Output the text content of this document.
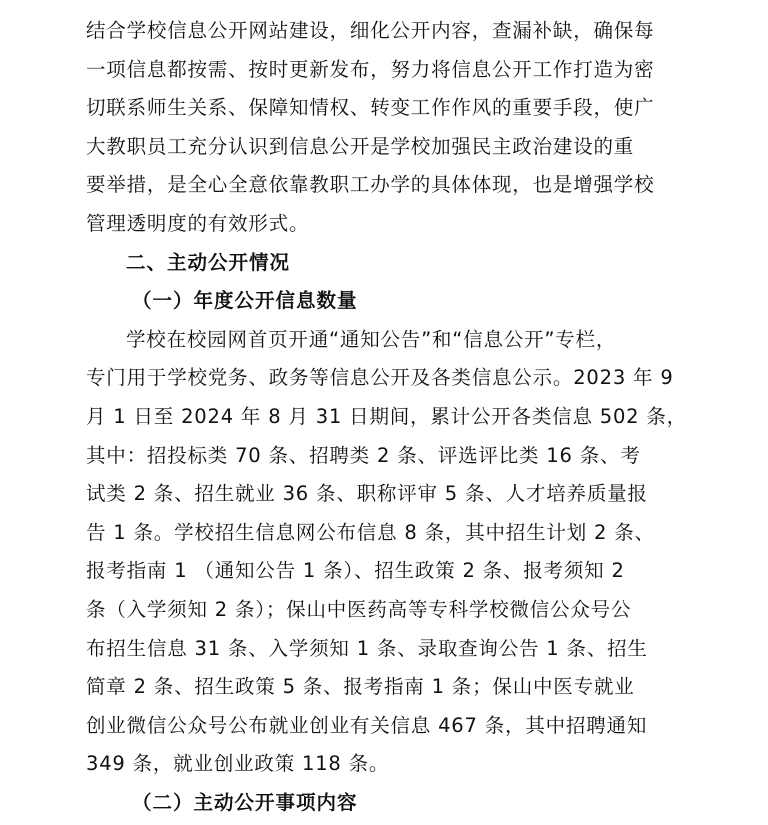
结合学校信息公开网站建设，细化公开内容，查漏补缺，确保每
一项信息都按需、按时更新发布，努力将信息公开工作打造为密
切联系师生关系、保障知情权、转变工作作风的重要手段，使广
大教职员工充分认识到信息公开是学校加强民主政治建设的重
要举措，是全心全意依靠教职工办学的具体体现，也是增强学校
管理透明度的有效形式。
二、主动公开情况
（一）年度公开信息数量
学校在校园网首页开通“通知公告”和“信息公开”专栏，
专门用于学校党务、政务等信息公开及各类信息公示。2023 年 9
月 1 日至 2024 年 8 月 31 日期间，累计公开各类信息 502 条，
其中：招投标类 70 条、招聘类 2 条、评选评比类 16 条、考
试类 2 条、招生就业 36 条、职称评审 5 条、人才培养质量报
告 1 条。学校招生信息网公布信息 8 条，其中招生计划 2 条、
报考指南 1 （通知公告 1 条）、招生政策 2 条、报考须知 2
条（入学须知 2 条）；保山中医药高等专科学校微信公众号公
布招生信息 31 条、入学须知 1 条、录取查询公告 1 条、招生
简章 2 条、招生政策 5 条、报考指南 1 条；保山中医专就业
创业微信公众号公布就业创业有关信息 467 条，其中招聘通知
349 条，就业创业政策 118 条。
（二）主动公开事项内容
